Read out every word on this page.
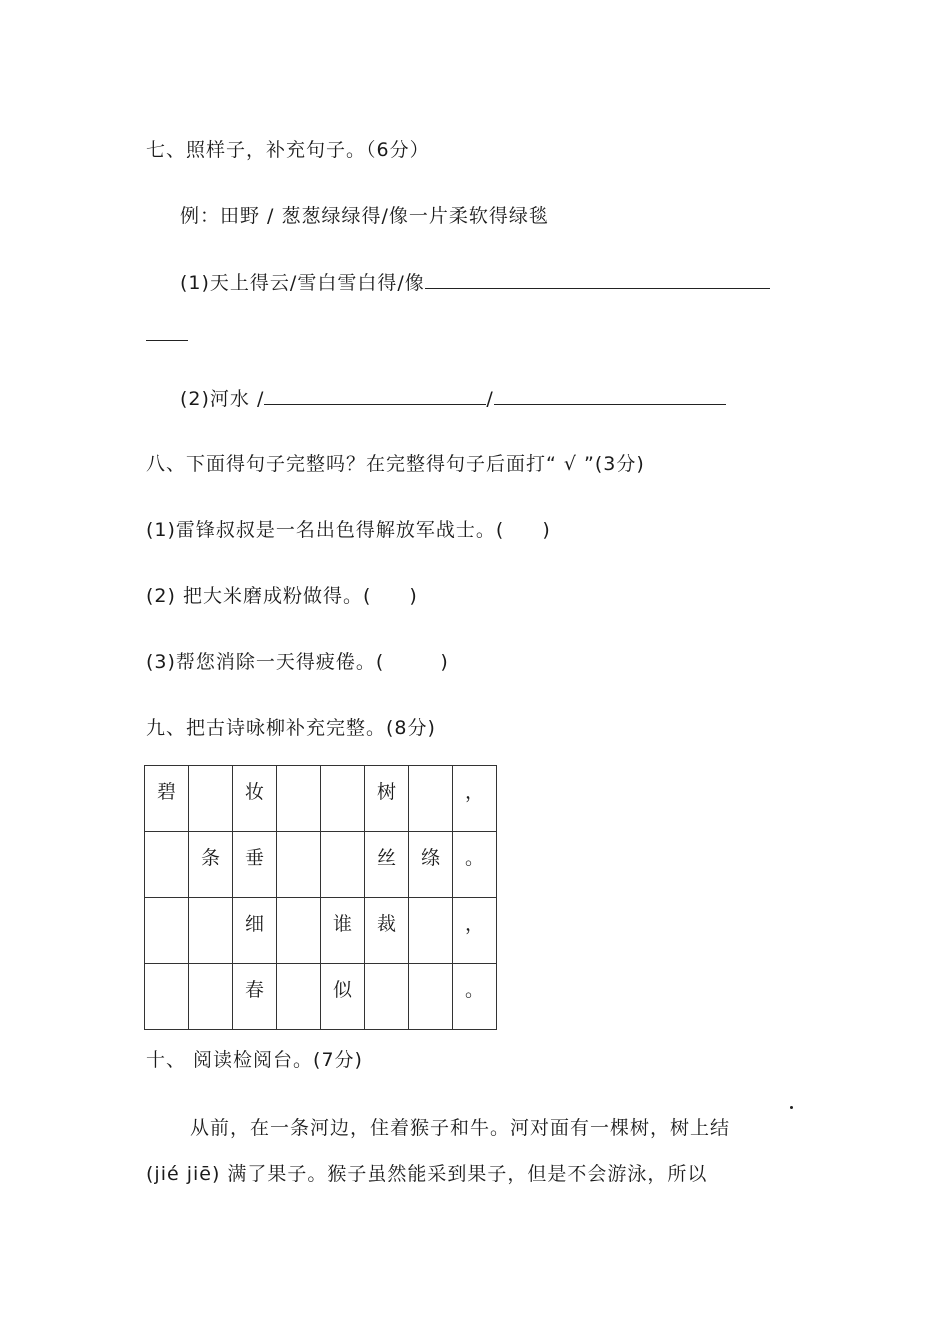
七、照样子，补充句子。（6分）
例：田野 / 葱葱绿绿得/像一片柔软得绿毯
(1)天上得云/雪白雪白得/像
(2)河水 /	/
八、下面得句子完整吗？在完整得句子后面打“ √ ”(3分)
(1)雷锋叔叔是一名出色得解放军战士。( )
(2) 把大米磨成粉做得。( )
(3)帮您消除一天得疲倦。(	)
九、把古诗咏柳补充完整。(8分)
碧		妆			树		，

	条	垂			丝	绦	。

		细		谁	裁		，

		春		似			。
十、 阅读检阅台。(7分)
从前，在一条河边，住着猴子和牛。河对面有一棵树，树上结
(jié jiē) 满了果子。猴子虽然能采到果子，但是不会游泳，所以
